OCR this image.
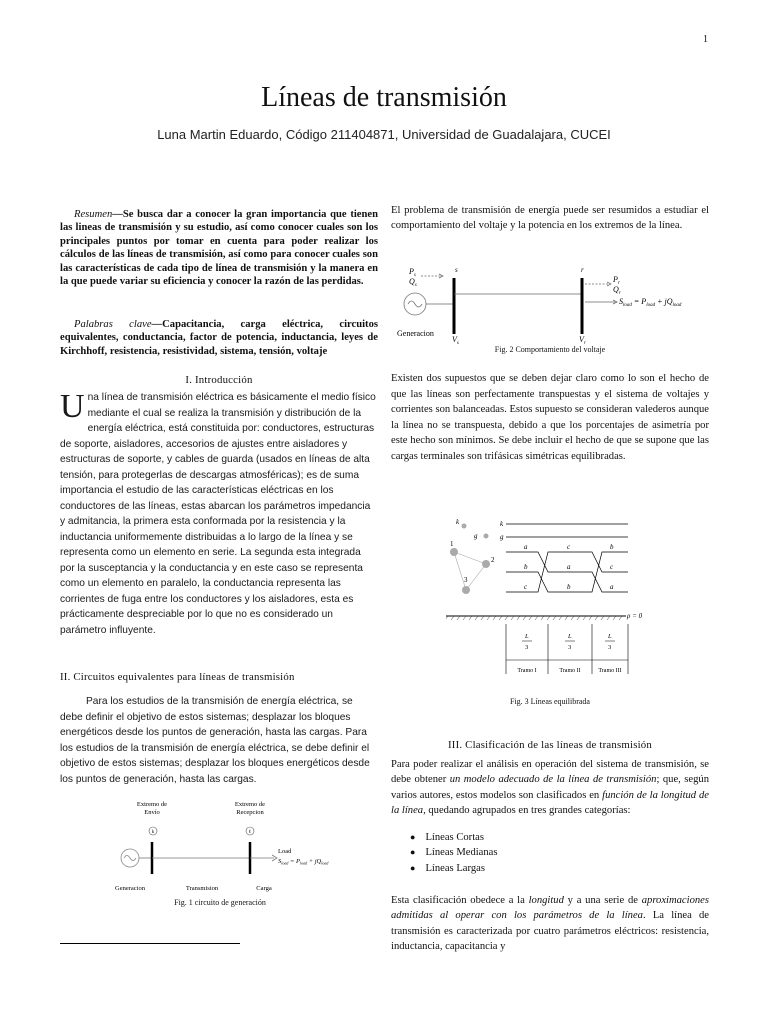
1
Líneas de transmisión
Luna Martin Eduardo, Código 211404871, Universidad de Guadalajara, CUCEI
Resumen—Se busca dar a conocer la gran importancia que tienen las lineas de transmisión y su estudio, así como conocer cuales son los principales puntos por tomar en cuenta para poder realizar los cálculos de las líneas de transmisión, así como para conocer cuales son las características de cada tipo de línea de transmisión y la manera en la que puede variar su eficiencia y conocer la razón de las perdidas.
Palabras clave—Capacitancia, carga eléctrica, circuitos equivalentes, conductancia, factor de potencia, inductancia, leyes de Kirchhoff, resistencia, resistividad, sistema, tensión, voltaje
I. Introducción
Una línea de transmisión eléctrica es básicamente el medio físico mediante el cual se realiza la transmisión y distribución de la energía eléctrica, está constituida por: conductores, estructuras de soporte, aisladores, accesorios de ajustes entre aisladores y estructuras de soporte, y cables de guarda (usados en líneas de alta tensión, para protegerlas de descargas atmosféricas); es de suma importancia el estudio de las características eléctricas en los conductores de las líneas, estas abarcan los parámetros impedancia y admitancia, la primera esta conformada por la resistencia y la inductancia uniformemente distribuidas a lo largo de la línea y se representa como un elemento en serie. La segunda esta integrada por la susceptancia y la conductancia y en este caso se representa como un elemento en paralelo, la conductancia representa las corrientes de fuga entre los conductores y los aisladores, esta es prácticamente despreciable por lo que no es considerado un parámetro influyente.
II. Circuitos equivalentes para líneas de transmisión
Para los estudios de la transmisión de energía eléctrica, se debe definir el objetivo de estos sistemas; desplazar los bloques energéticos desde los puntos de generación, hasta las cargas. Para los estudios de la transmisión de energía eléctrica, se debe definir el objetivo de estos sistemas; desplazar los bloques energéticos desde los puntos de generación, hasta las cargas.
Extremo de
Envío
Extremo de
Recepcion
k	ℓ
Load
$S_{load} = P_{load} + jQ_{load}$
Generacion	Transmision	Carga
Fig. 1 circuito de generación
El problema de transmisión de energía puede ser resumidos a estudiar el comportamiento del voltaje y la potencia en los extremos de la línea.
$P_s$
$Q_s$
s	r
$P_r$
$Q_r$
$S_{load} = P_{load} + jQ_{load}$
Generacion
$V_s$	$V_r$
Fig. 2 Comportamiento del voltaje
Existen dos supuestos que se deben dejar claro como lo son el hecho de que las líneas son perfectamente transpuestas y el sistema de voltajes y corrientes son balanceadas. Estos supuesto se consideran valederos aunque la línea no se transpuesta, debido a que los porcentajes de asimetría por este hecho son mínimos. Se debe incluir el hecho de que se supone que las cargas terminales son trifásicas simétricas equilibradas.
k
g
1
2
3
k
g
a
b
c
c
a
b
b
c
a
ρ = 0
L
3
L
3
L
3
Tramo I	Tramo II	Tramo III
Fig. 3 Líneas equilibrada
III. Clasificación de las líneas de transmisión
Para poder realizar el análisis en operación del sistema de transmisión, se debe obtener un modelo adecuado de la línea de transmisión; que, según varios autores, estos modelos son clasificados en función de la longitud de la línea, quedando agrupados en tres grandes categorías:
● Líneas Cortas
● Líneas Medianas
● Líneas Largas
Esta clasificación obedece a la longitud y a una serie de aproximaciones admitidas al operar con los parámetros de la línea. La línea de transmisión es caracterizada por cuatro parámetros eléctricos: resistencia, inductancia, capacitancia y
